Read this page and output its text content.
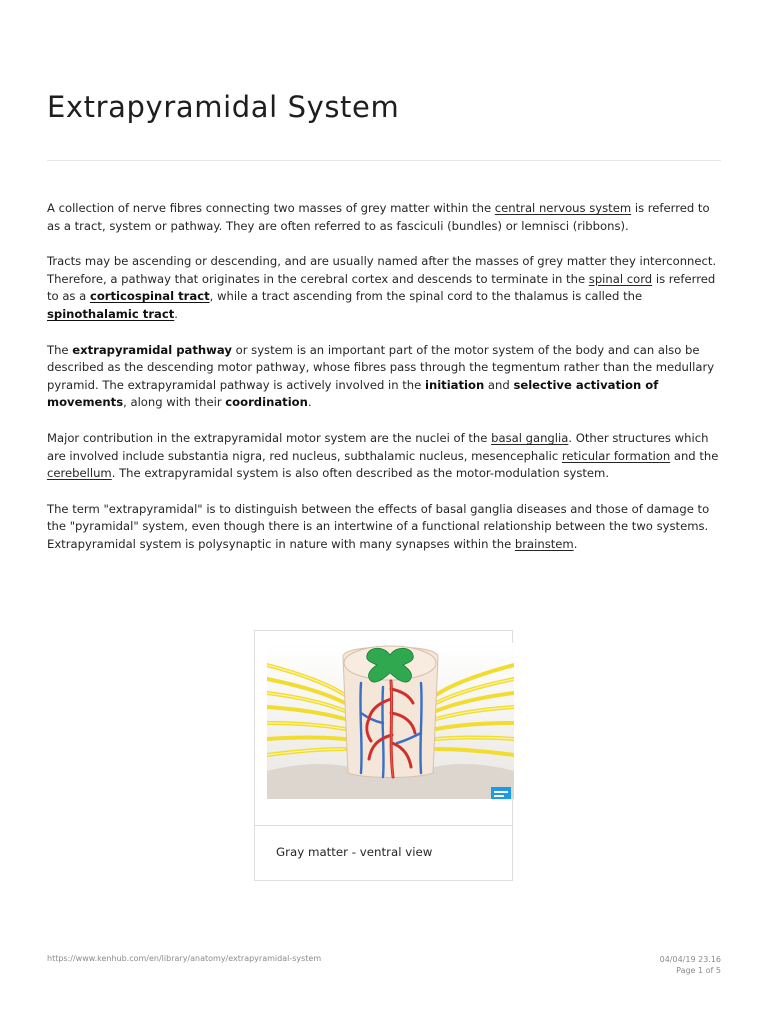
Extrapyramidal System

A collection of nerve fibres connecting two masses of grey matter within the central nervous system is referred to as a tract, system or pathway. They are often referred to as fasciculi (bundles) or lemnisci (ribbons).

Tracts may be ascending or descending, and are usually named after the masses of grey matter they interconnect. Therefore, a pathway that originates in the cerebral cortex and descends to terminate in the spinal cord is referred to as a corticospinal tract, while a tract ascending from the spinal cord to the thalamus is called the spinothalamic tract.

The extrapyramidal pathway or system is an important part of the motor system of the body and can also be described as the descending motor pathway, whose fibres pass through the tegmentum rather than the medullary pyramid. The extrapyramidal pathway is actively involved in the initiation and selective activation of movements, along with their coordination.

Major contribution in the extrapyramidal motor system are the nuclei of the basal ganglia. Other structures which are involved include substantia nigra, red nucleus, subthalamic nucleus, mesencephalic reticular formation and the cerebellum. The extrapyramidal system is also often described as the motor-modulation system.

The term "extrapyramidal" is to distinguish between the effects of basal ganglia diseases and those of damage to the "pyramidal" system, even though there is an intertwine of a functional relationship between the two systems. Extrapyramidal system is polysynaptic in nature with many synapses within the brainstem.

Gray matter - ventral view
https://www.kenhub.com/en/library/anatomy/extrapyramidal-system	04/04/19 23.16
Page 1 of 5
